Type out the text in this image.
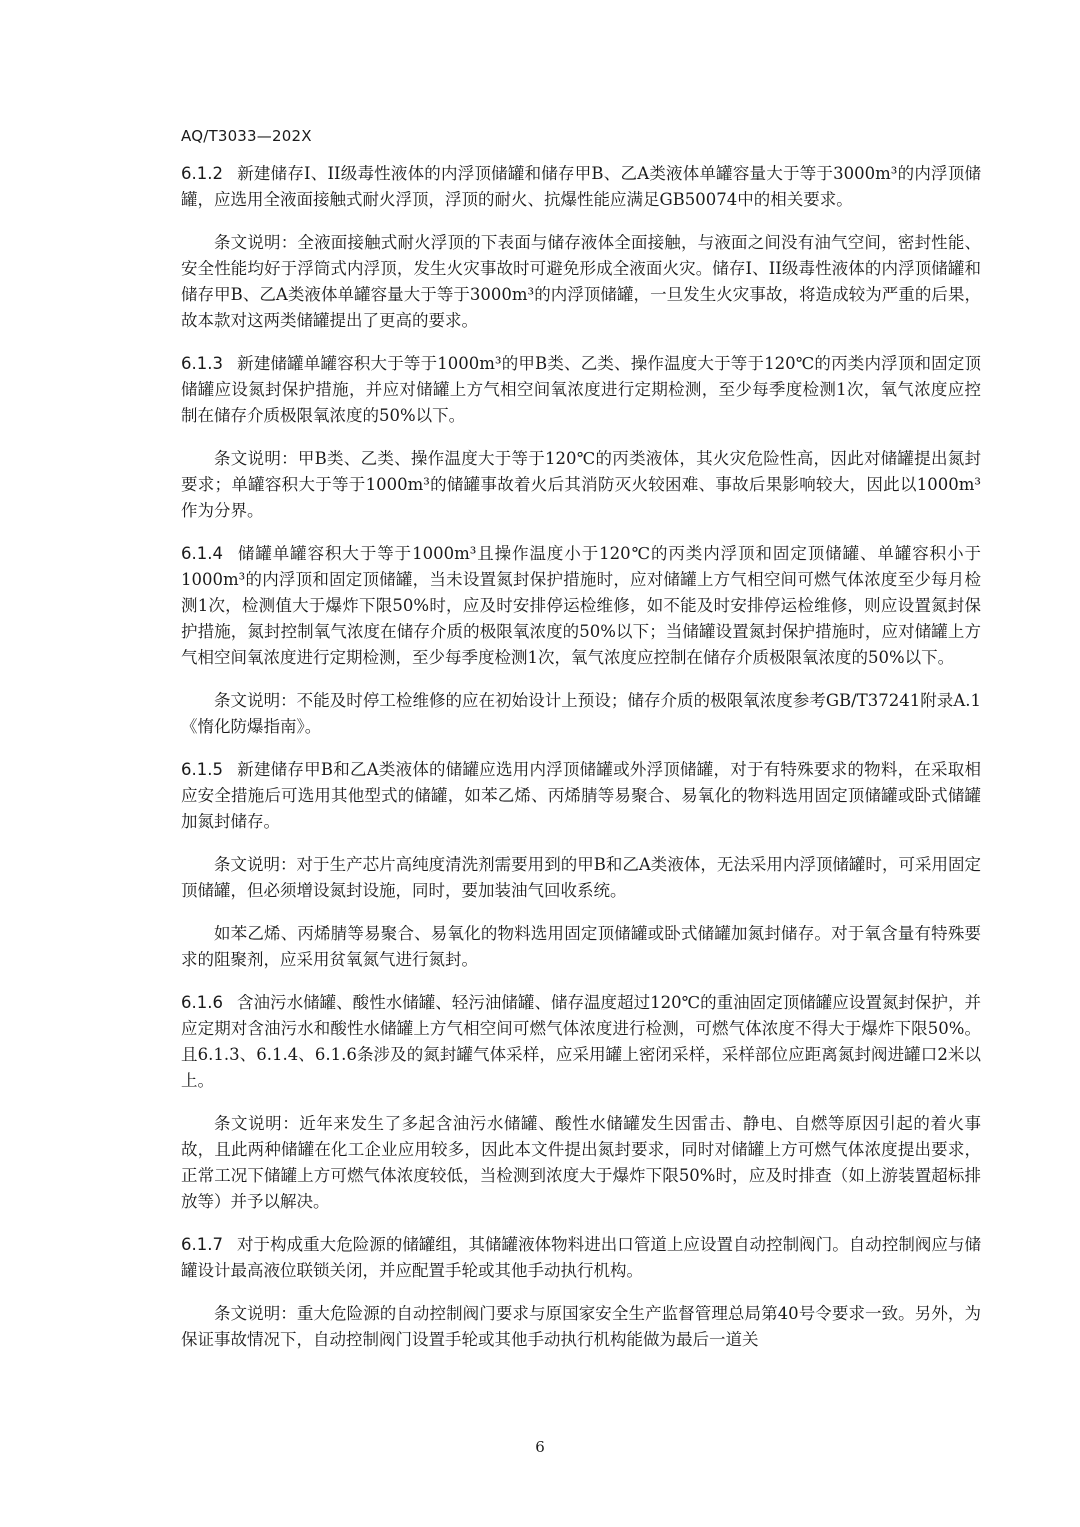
AQ/T3033—202X

6.1.2 新建储存I、II级毒性液体的内浮顶储罐和储存甲B、乙A类液体单罐容量大于等于3000m³的内浮顶储罐，应选用全液面接触式耐火浮顶，浮顶的耐火、抗爆性能应满足GB50074中的相关要求。

条文说明：全液面接触式耐火浮顶的下表面与储存液体全面接触，与液面之间没有油气空间，密封性能、安全性能均好于浮筒式内浮顶，发生火灾事故时可避免形成全液面火灾。储存I、II级毒性液体的内浮顶储罐和储存甲B、乙A类液体单罐容量大于等于3000m³的内浮顶储罐，一旦发生火灾事故，将造成较为严重的后果，故本款对这两类储罐提出了更高的要求。

6.1.3 新建储罐单罐容积大于等于1000m³的甲B类、乙类、操作温度大于等于120℃的丙类内浮顶和固定顶储罐应设氮封保护措施，并应对储罐上方气相空间氧浓度进行定期检测，至少每季度检测1次，氧气浓度应控制在储存介质极限氧浓度的50%以下。

条文说明：甲B类、乙类、操作温度大于等于120℃的丙类液体，其火灾危险性高，因此对储罐提出氮封要求；单罐容积大于等于1000m³的储罐事故着火后其消防灭火较困难、事故后果影响较大，因此以1000m³作为分界。

6.1.4 储罐单罐容积大于等于1000m³且操作温度小于120℃的丙类内浮顶和固定顶储罐、单罐容积小于1000m³的内浮顶和固定顶储罐，当未设置氮封保护措施时，应对储罐上方气相空间可燃气体浓度至少每月检测1次，检测值大于爆炸下限50%时，应及时安排停运检维修，如不能及时安排停运检维修，则应设置氮封保护措施，氮封控制氧气浓度在储存介质的极限氧浓度的50%以下；当储罐设置氮封保护措施时，应对储罐上方气相空间氧浓度进行定期检测，至少每季度检测1次，氧气浓度应控制在储存介质极限氧浓度的50%以下。

条文说明：不能及时停工检维修的应在初始设计上预设；储存介质的极限氧浓度参考GB/T37241附录A.1《惰化防爆指南》。

6.1.5 新建储存甲B和乙A类液体的储罐应选用内浮顶储罐或外浮顶储罐，对于有特殊要求的物料，在采取相应安全措施后可选用其他型式的储罐，如苯乙烯、丙烯腈等易聚合、易氧化的物料选用固定顶储罐或卧式储罐加氮封储存。

条文说明：对于生产芯片高纯度清洗剂需要用到的甲B和乙A类液体，无法采用内浮顶储罐时，可采用固定顶储罐，但必须增设氮封设施，同时，要加装油气回收系统。

如苯乙烯、丙烯腈等易聚合、易氧化的物料选用固定顶储罐或卧式储罐加氮封储存。对于氧含量有特殊要求的阻聚剂，应采用贫氧氮气进行氮封。

6.1.6 含油污水储罐、酸性水储罐、轻污油储罐、储存温度超过120℃的重油固定顶储罐应设置氮封保护，并应定期对含油污水和酸性水储罐上方气相空间可燃气体浓度进行检测，可燃气体浓度不得大于爆炸下限50%。且6.1.3、6.1.4、6.1.6条涉及的氮封罐气体采样，应采用罐上密闭采样，采样部位应距离氮封阀进罐口2米以上。

条文说明：近年来发生了多起含油污水储罐、酸性水储罐发生因雷击、静电、自燃等原因引起的着火事故，且此两种储罐在化工企业应用较多，因此本文件提出氮封要求，同时对储罐上方可燃气体浓度提出要求，正常工况下储罐上方可燃气体浓度较低，当检测到浓度大于爆炸下限50%时，应及时排查（如上游装置超标排放等）并予以解决。

6.1.7 对于构成重大危险源的储罐组，其储罐液体物料进出口管道上应设置自动控制阀门。自动控制阀应与储罐设计最高液位联锁关闭，并应配置手轮或其他手动执行机构。

条文说明：重大危险源的自动控制阀门要求与原国家安全生产监督管理总局第40号令要求一致。另外，为保证事故情况下，自动控制阀门设置手轮或其他手动执行机构能做为最后一道关

6
